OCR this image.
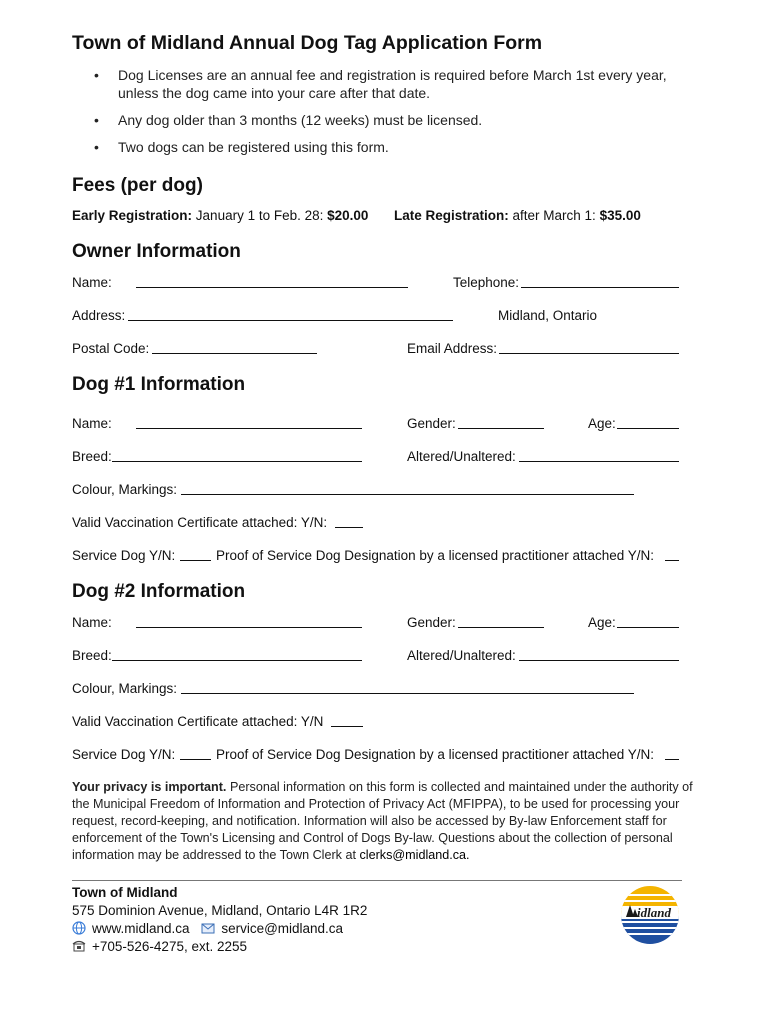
Town of Midland Annual Dog Tag Application Form
• Dog Licenses are an annual fee and registration is required before March 1st every year, unless the dog came into your care after that date.
• Any dog older than 3 months (12 weeks) must be licensed.
• Two dogs can be registered using this form.
Fees (per dog)
Early Registration: January 1 to Feb. 28: $20.00 Late Registration: after March 1: $35.00
Owner Information
Name:	Telephone:
Address:	Midland, Ontario
Postal Code:	Email Address:
Dog #1 Information
Name:	Gender:	Age:
Breed:	Altered/Unaltered:
Colour, Markings:
Valid Vaccination Certificate attached: Y/N:
Service Dog Y/N:	Proof of Service Dog Designation by a licensed practitioner attached Y/N:
Dog #2 Information
Name:	Gender:	Age:
Breed:	Altered/Unaltered:
Colour, Markings:
Valid Vaccination Certificate attached: Y/N
Service Dog Y/N:	Proof of Service Dog Designation by a licensed practitioner attached Y/N:
Your privacy is important. Personal information on this form is collected and maintained under the authority of the Municipal Freedom of Information and Protection of Privacy Act (MFIPPA), to be used for processing your request, record-keeping, and notification. Information will also be accessed by By-law Enforcement staff for enforcement of the Town's Licensing and Control of Dogs By-law. Questions about the collection of personal information may be addressed to the Town Clerk at clerks@midland.ca.
Town of Midland
575 Dominion Avenue, Midland, Ontario L4R 1R2
www.midland.ca service@midland.ca
+705-526-4275, ext. 2255
idland
